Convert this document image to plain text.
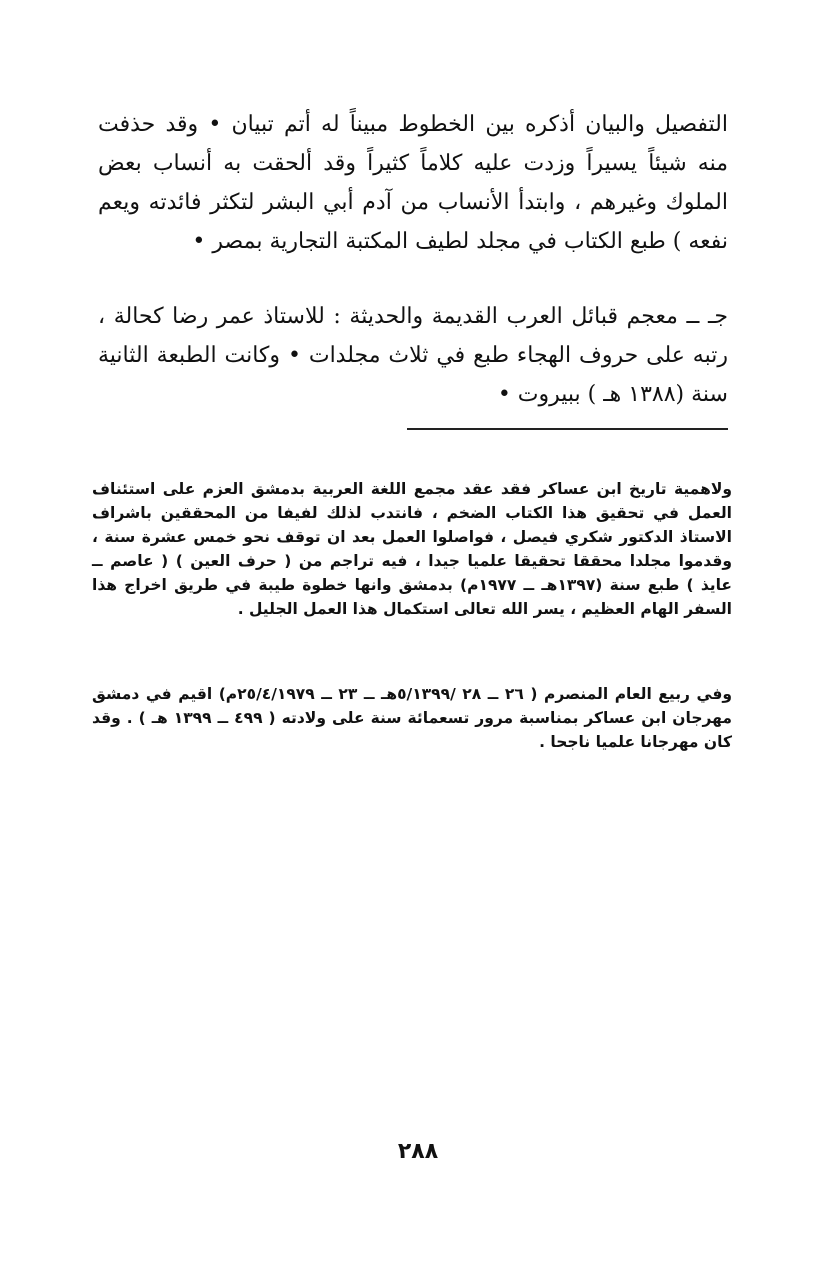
التفصيل والبيان أذكره بين الخطوط مبيناً له أتم تبيان • وقد حذفت منه شيئاً يسيراً وزدت عليه كلاماً كثيراً وقد ألحقت به أنساب بعض الملوك وغيرهم ، وابتدأ الأنساب من آدم أبي البشر لتكثر فائدته ويعم نفعه ) طبع الكتاب في مجلد لطيف المكتبة التجارية بمصر •

جـ ــ معجم قبائل العرب القديمة والحديثة : للاستاذ عمر رضا كحالة ، رتبه على حروف الهجاء طبع في ثلاث مجلدات • وكانت الطبعة الثانية سنة (١٣٨٨ هـ ) ببيروت •

ولاهمية تاريخ ابن عساكر فقد عقد مجمع اللغة العربية بدمشق العزم على استئناف العمل في تحقيق هذا الكتاب الضخم ، فانتدب لذلك لفيفا من المحققين باشراف الاستاذ الدكتور شكري فيصل ، فواصلوا العمل بعد ان توقف نحو خمس عشرة سنة ، وقدموا مجلدا محققا تحقيقا علميا جيدا ، فيه تراجم من ( حرف العين ) ( عاصم ــ عايذ ) طبع سنة (١٣٩٧هـ ــ ١٩٧٧م) بدمشق وانها خطوة طيبة في طريق اخراج هذا السفر الهام العظيم ، يسر الله تعالى استكمال هذا العمل الجليل .

وفي ربيع العام المنصرم ( ٢٦ ــ ٢٨ /٥/١٣٩٩هـ ــ ٢٣ ــ ٢٥/٤/١٩٧٩م) اقيم في دمشق مهرجان ابن عساكر بمناسبة مرور تسعمائة سنة على ولادته ( ٤٩٩ ــ ١٣٩٩ هـ ) . وقد كان مهرجانا علميا ناجحا .

٢٨٨
